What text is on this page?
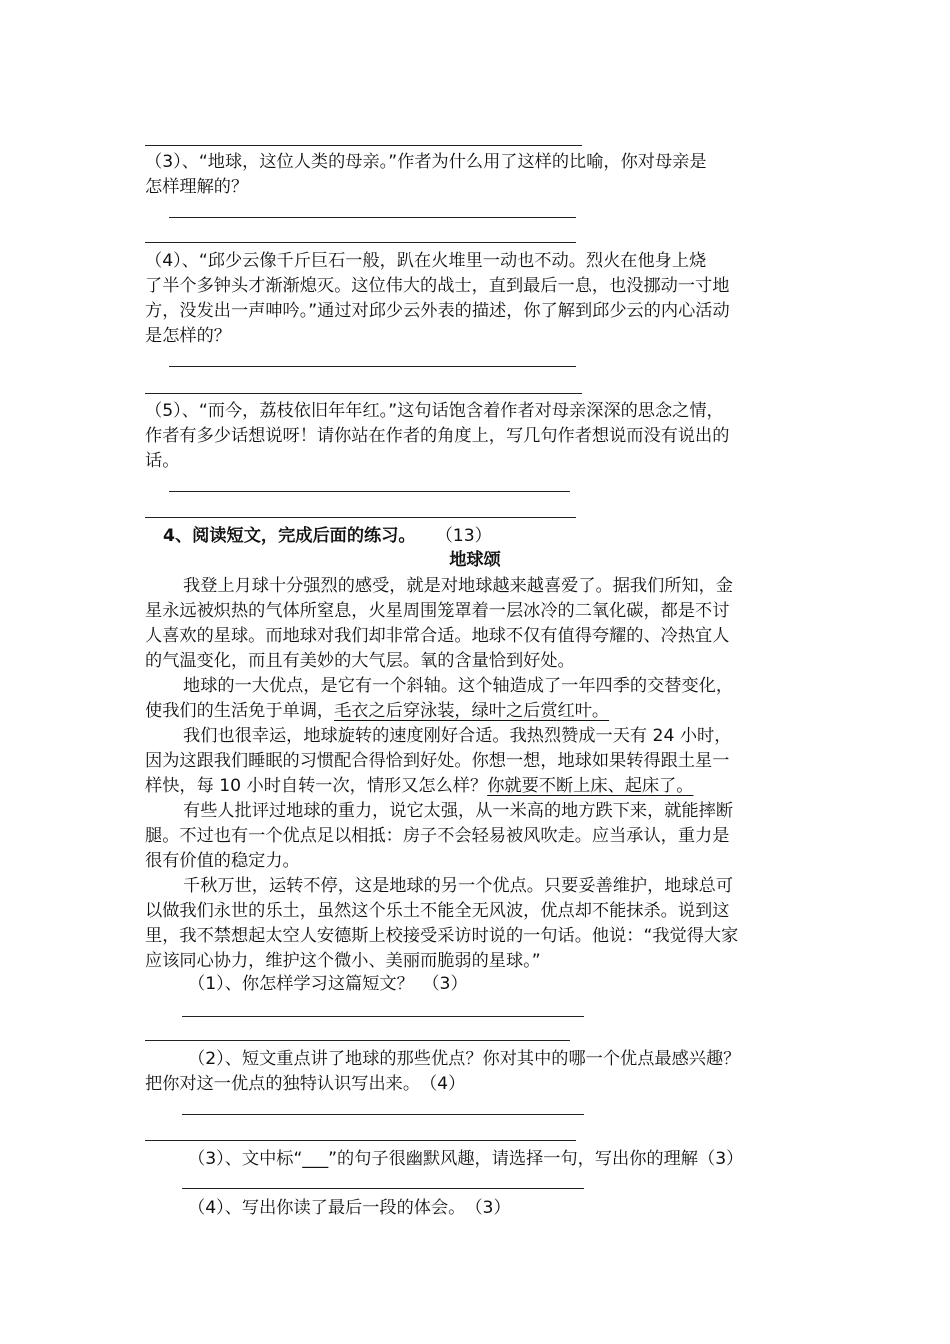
（3）、“地球，这位人类的母亲。”作者为什么用了这样的比喻，你对母亲是
怎样理解的？
（4）、“邱少云像千斤巨石一般，趴在火堆里一动也不动。烈火在他身上烧
了半个多钟头才渐渐熄灭。这位伟大的战士，直到最后一息，也没挪动一寸地
方，没发出一声呻吟。”通过对邱少云外表的描述，你了解到邱少云的内心活动
是怎样的？
（5）、“而今，荔枝依旧年年红。”这句话饱含着作者对母亲深深的思念之情，
作者有多少话想说呀！请你站在作者的角度上，写几句作者想说而没有说出的
话。
4、阅读短文，完成后面的练习。 （13）
地球颂
我登上月球十分强烈的感受，就是对地球越来越喜爱了。据我们所知，金
星永远被炽热的气体所窒息，火星周围笼罩着一层冰冷的二氧化碳，都是不讨
人喜欢的星球。而地球对我们却非常合适。地球不仅有值得夸耀的、冷热宜人
的气温变化，而且有美妙的大气层。氧的含量恰到好处。
地球的一大优点，是它有一个斜轴。这个轴造成了一年四季的交替变化，
使我们的生活免于单调，毛衣之后穿泳装，绿叶之后赏红叶。
我们也很幸运，地球旋转的速度刚好合适。我热烈赞成一天有 24 小时，
因为这跟我们睡眠的习惯配合得恰到好处。你想一想，地球如果转得跟土星一
样快，每 10 小时自转一次，情形又怎么样？你就要不断上床、起床了。
有些人批评过地球的重力，说它太强，从一米高的地方跌下来，就能摔断
腿。不过也有一个优点足以相抵：房子不会轻易被风吹走。应当承认，重力是
很有价值的稳定力。
千秋万世，运转不停，这是地球的另一个优点。只要妥善维护，地球总可
以做我们永世的乐土，虽然这个乐土不能全无风波，优点却不能抹杀。说到这
里，我不禁想起太空人安德斯上校接受采访时说的一句话。他说：“我觉得大家
应该同心协力，维护这个微小、美丽而脆弱的星球。”
（1）、你怎样学习这篇短文？　（3）
（2）、短文重点讲了地球的那些优点？你对其中的哪一个优点最感兴趣？
把你对这一优点的独特认识写出来。　（4）
（3）、文中标“___”的句子很幽默风趣，请选择一句，写出你的理解（3）
（4）、写出你读了最后一段的体会。　（3）
